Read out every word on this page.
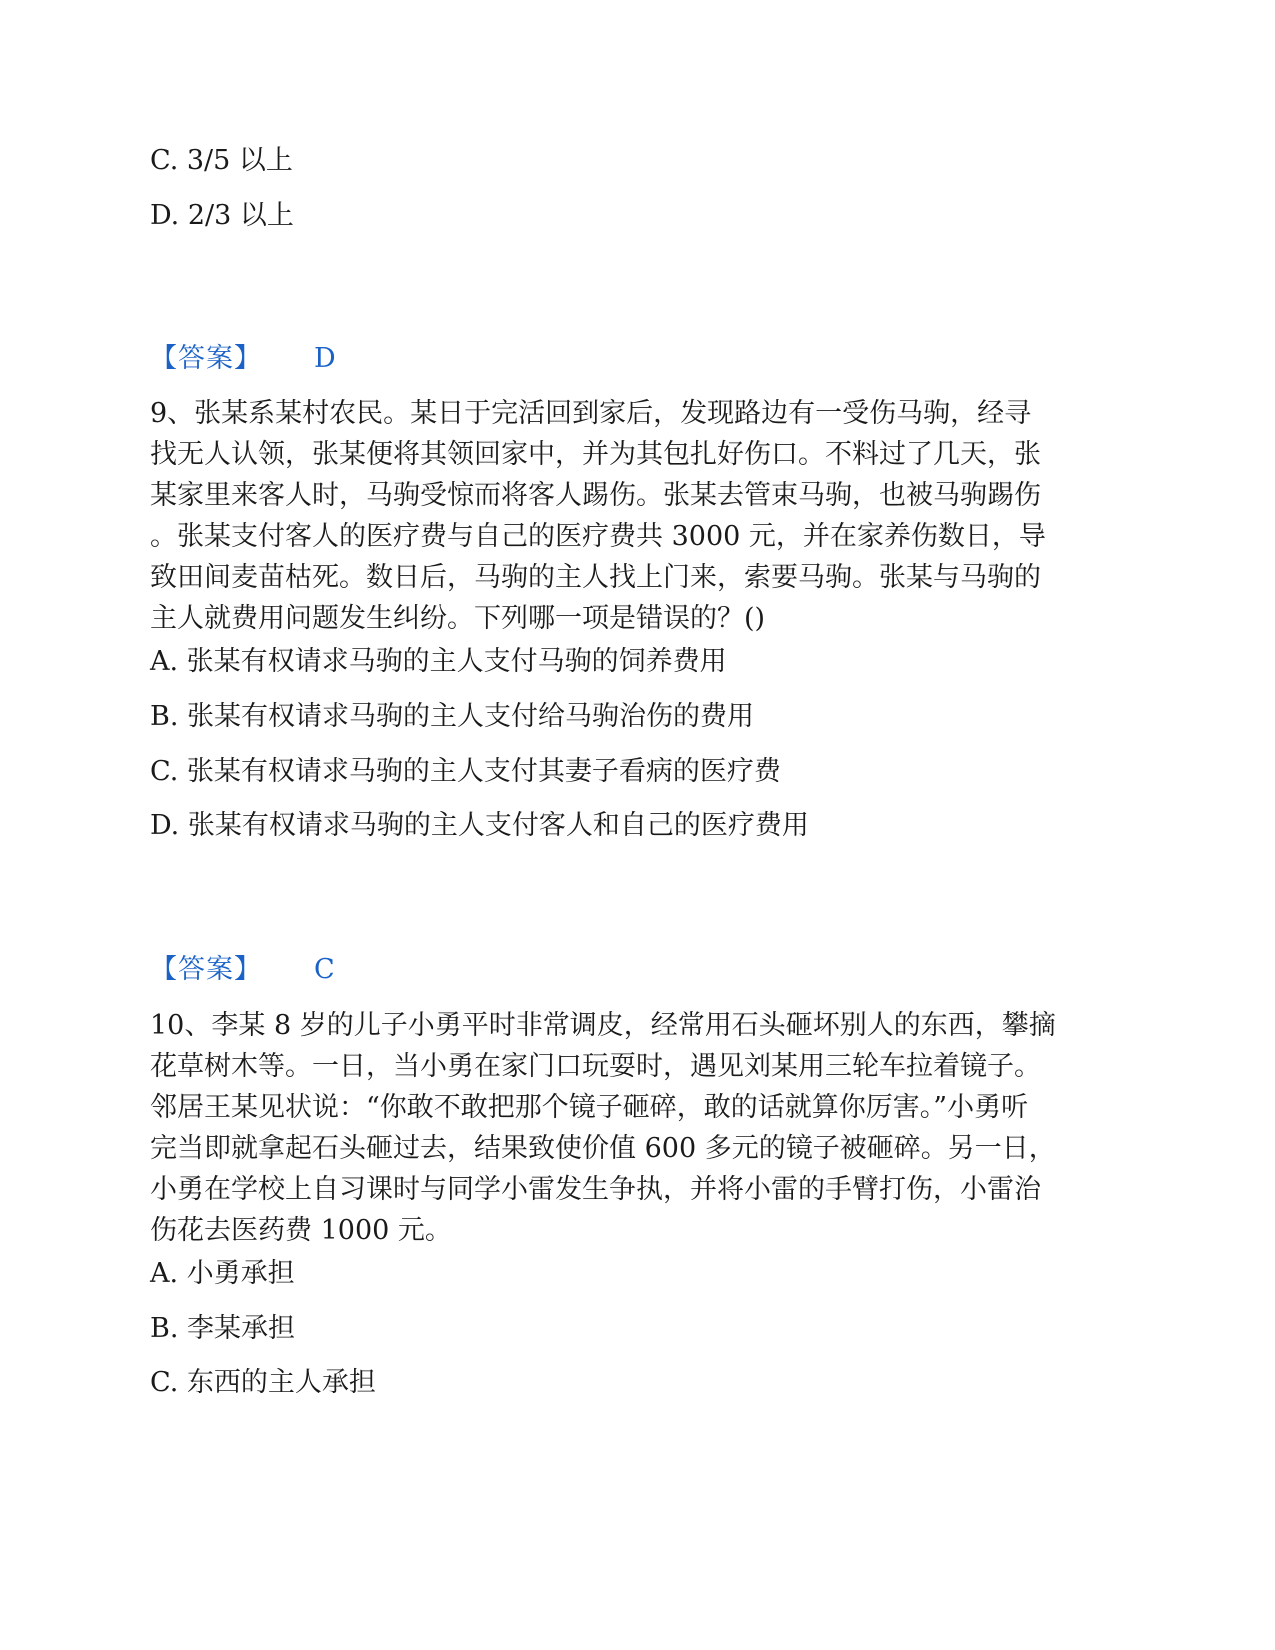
C. 3/5 以上
D. 2/3 以上
【答案】 D
9、张某系某村农民。某日于完活回到家后，发现路边有一受伤马驹，经寻
找无人认领，张某便将其领回家中，并为其包扎好伤口。不料过了几天，张
某家里来客人时，马驹受惊而将客人踢伤。张某去管束马驹，也被马驹踢伤
。张某支付客人的医疗费与自己的医疗费共 3000 元，并在家养伤数日，导
致田间麦苗枯死。数日后，马驹的主人找上门来，索要马驹。张某与马驹的
主人就费用问题发生纠纷。下列哪一项是错误的？()
A. 张某有权请求马驹的主人支付马驹的饲养费用
B. 张某有权请求马驹的主人支付给马驹治伤的费用
C. 张某有权请求马驹的主人支付其妻子看病的医疗费
D. 张某有权请求马驹的主人支付客人和自己的医疗费用
【答案】 C
10、李某 8 岁的儿子小勇平时非常调皮，经常用石头砸坏别人的东西，攀摘
花草树木等。一日，当小勇在家门口玩耍时，遇见刘某用三轮车拉着镜子。
邻居王某见状说：“你敢不敢把那个镜子砸碎，敢的话就算你厉害。”小勇听
完当即就拿起石头砸过去，结果致使价值 600 多元的镜子被砸碎。另一日，
小勇在学校上自习课时与同学小雷发生争执，并将小雷的手臂打伤，小雷治
伤花去医药费 1000 元。
A. 小勇承担
B. 李某承担
C. 东西的主人承担
